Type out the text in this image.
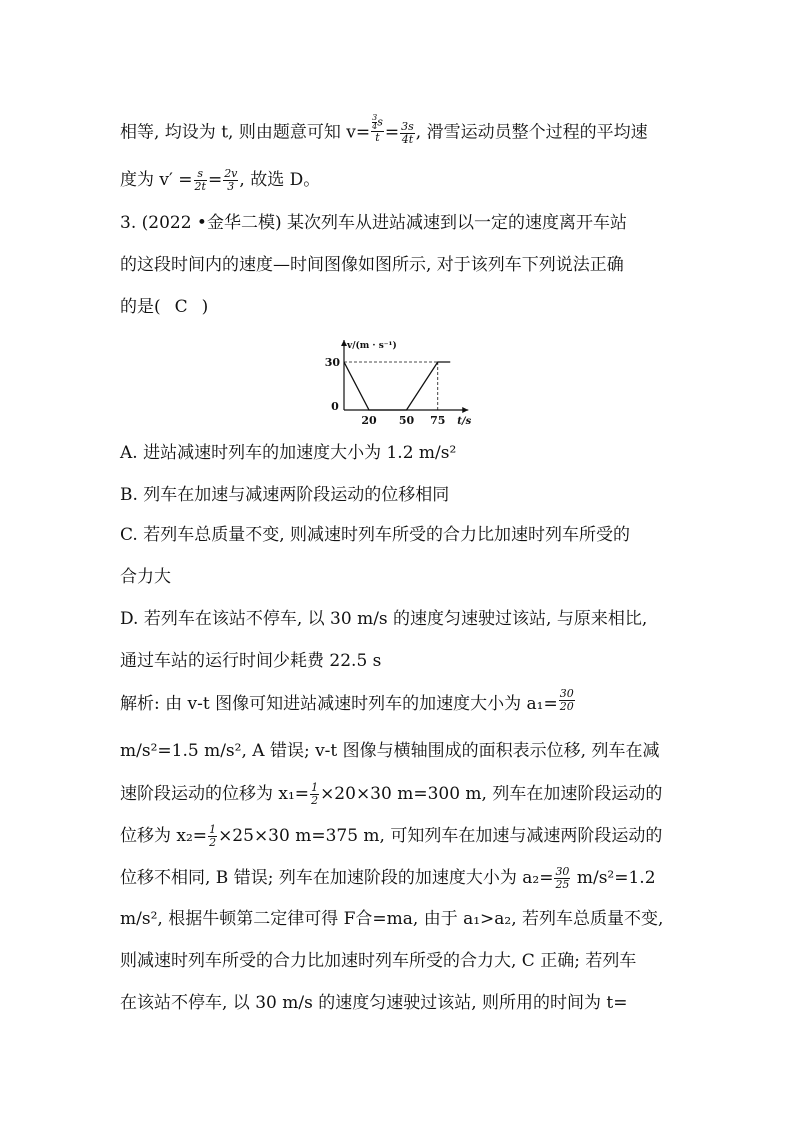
相等, 均设为 t, 则由题意可知 $v= \frac{\frac{3}{4} s}{t} = \frac{3s}{4t}$ , 滑雪运动员整个过程的平均速
度为 $v' = \frac{s}{2t} = \frac{2v}{3}$ , 故选 D。
3. (2022 •金华二模) 某次列车从进站减速到以一定的速度离开车站
的这段时间内的速度—时间图像如图所示, 对于该列车下列说法正确
的是( C )
0
20 50 75
30
t/s
v/(m · s⁻¹)
A. 进站减速时列车的加速度大小为 1.2 m/s²
B. 列车在加速与减速两阶段运动的位移相同
C. 若列车总质量不变, 则减速时列车所受的合力比加速时列车所受的
合力大
D. 若列车在该站不停车, 以 30 m/s 的速度匀速驶过该站, 与原来相比,
通过车站的运行时间少耗费 22.5 s
解析: 由 v-t 图像可知进站减速时列车的加速度大小为 $a_1= \frac{30}{20}$
m/s²=1.5 m/s², A 错误; v-t 图像与横轴围成的面积表示位移, 列车在减
速阶段运动的位移为 $x_1= \frac{1}{2} \times 20\times 30$ m=300 m, 列车在加速阶段运动的
位移为 $x_2= \frac{1}{2} \times 25\times 30$ m=375 m, 可知列车在加速与减速两阶段运动的
位移不相同, B 错误; 列车在加速阶段的加速度大小为 $a_2= \frac{30}{25} m/s^2=1.2$
m/s², 根据牛顿第二定律可得 F合=ma, 由于 a₁>a₂, 若列车总质量不变,
则减速时列车所受的合力比加速时列车所受的合力大, C 正确; 若列车
在该站不停车, 以 30 m/s 的速度匀速驶过该站, 则所用的时间为 t=
